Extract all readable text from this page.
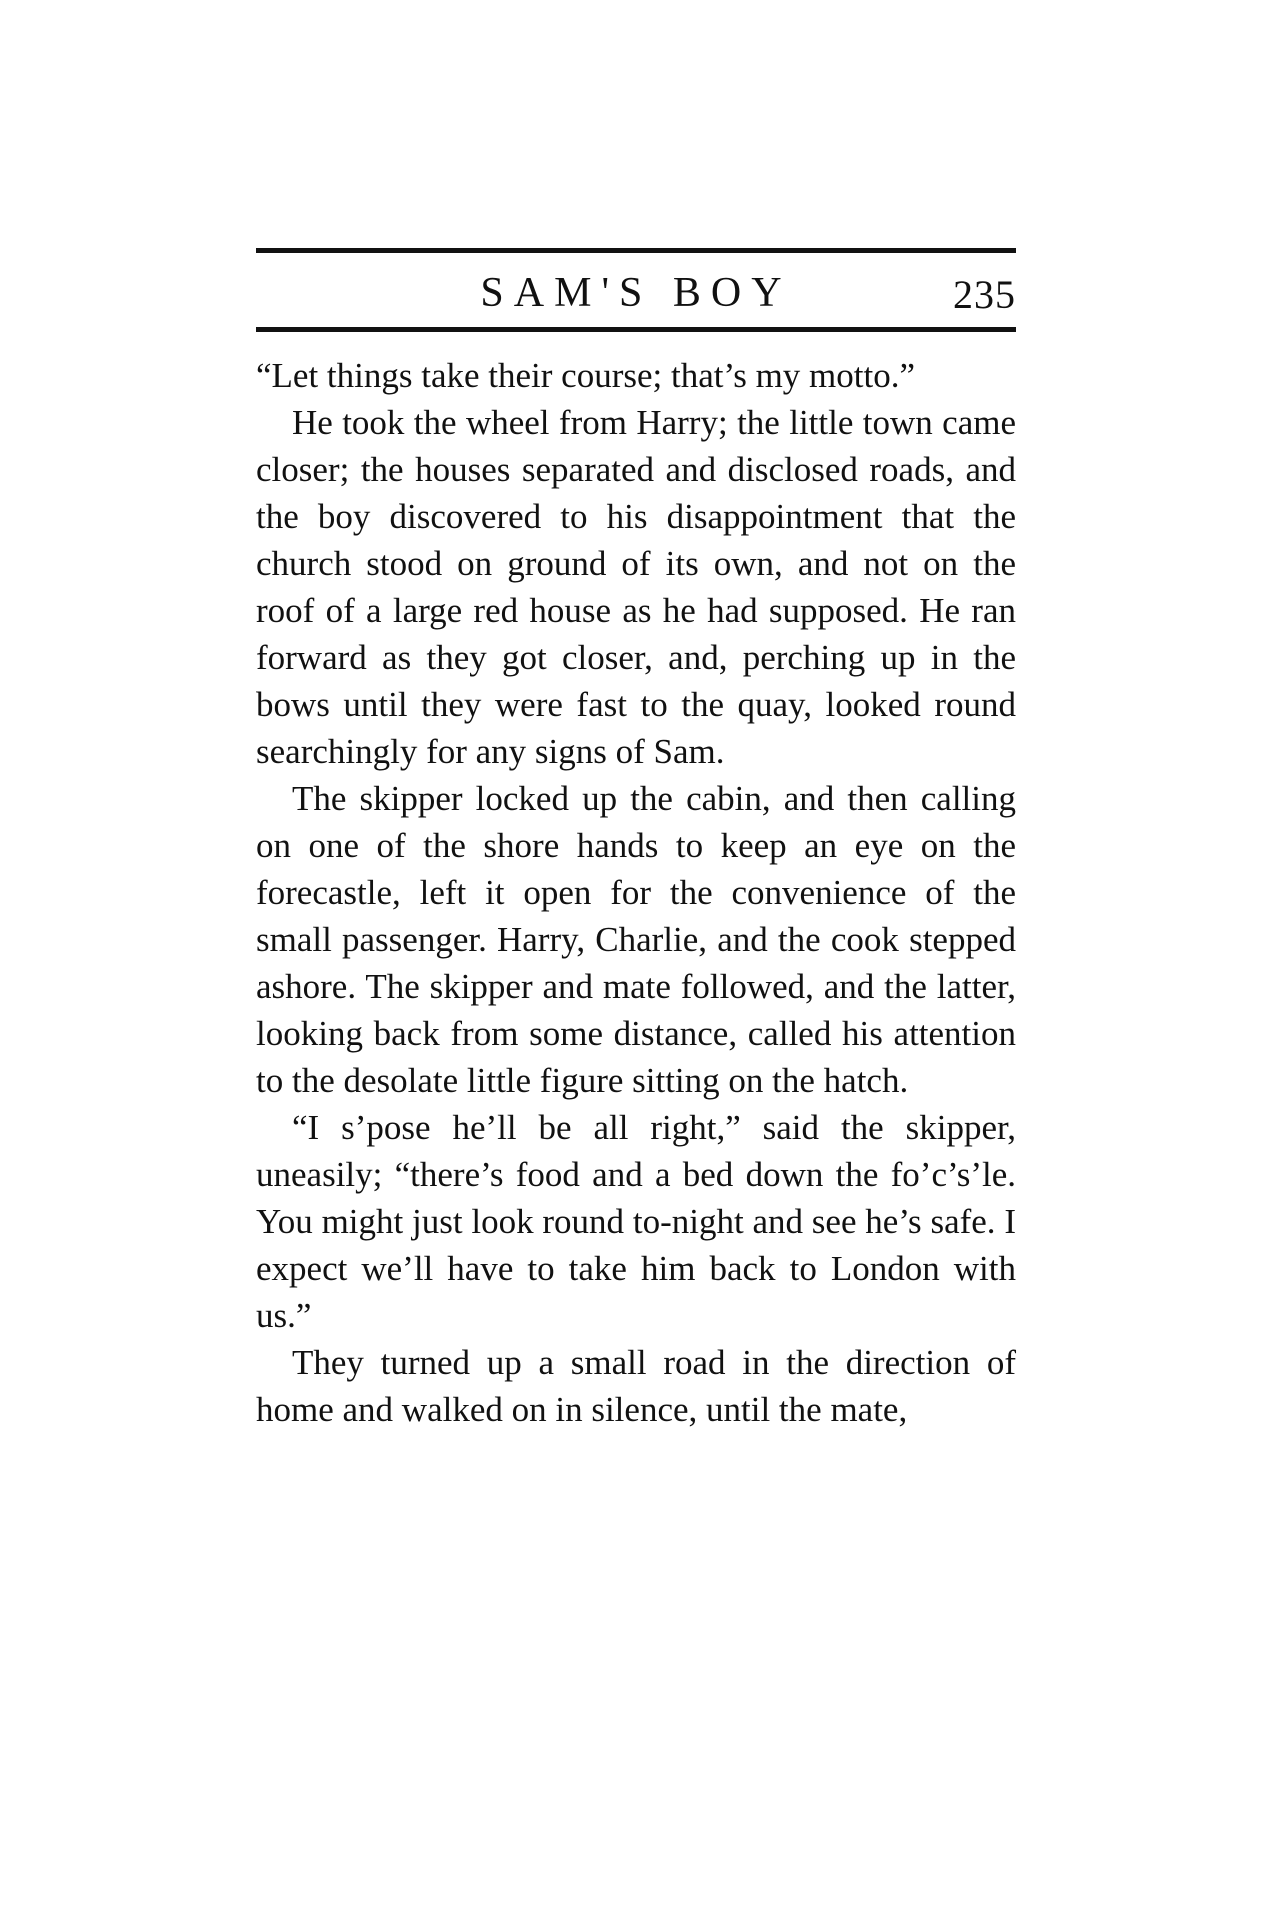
SAM'S BOY	235

“Let things take their course; that’s my motto.”

He took the wheel from Harry; the little town came closer; the houses separated and disclosed roads, and the boy discovered to his disappointment that the church stood on ground of its own, and not on the roof of a large red house as he had supposed. He ran forward as they got closer, and, perching up in the bows until they were fast to the quay, looked round searchingly for any signs of Sam.

The skipper locked up the cabin, and then calling on one of the shore hands to keep an eye on the forecastle, left it open for the convenience of the small passenger. Harry, Charlie, and the cook stepped ashore. The skipper and mate followed, and the latter, looking back from some distance, called his attention to the desolate little figure sitting on the hatch.

“I s’pose he’ll be all right,” said the skipper, uneasily; “there’s food and a bed down the fo’c’s’le. You might just look round to-night and see he’s safe. I expect we’ll have to take him back to London with us.”

They turned up a small road in the direction of home and walked on in silence, until the mate,
